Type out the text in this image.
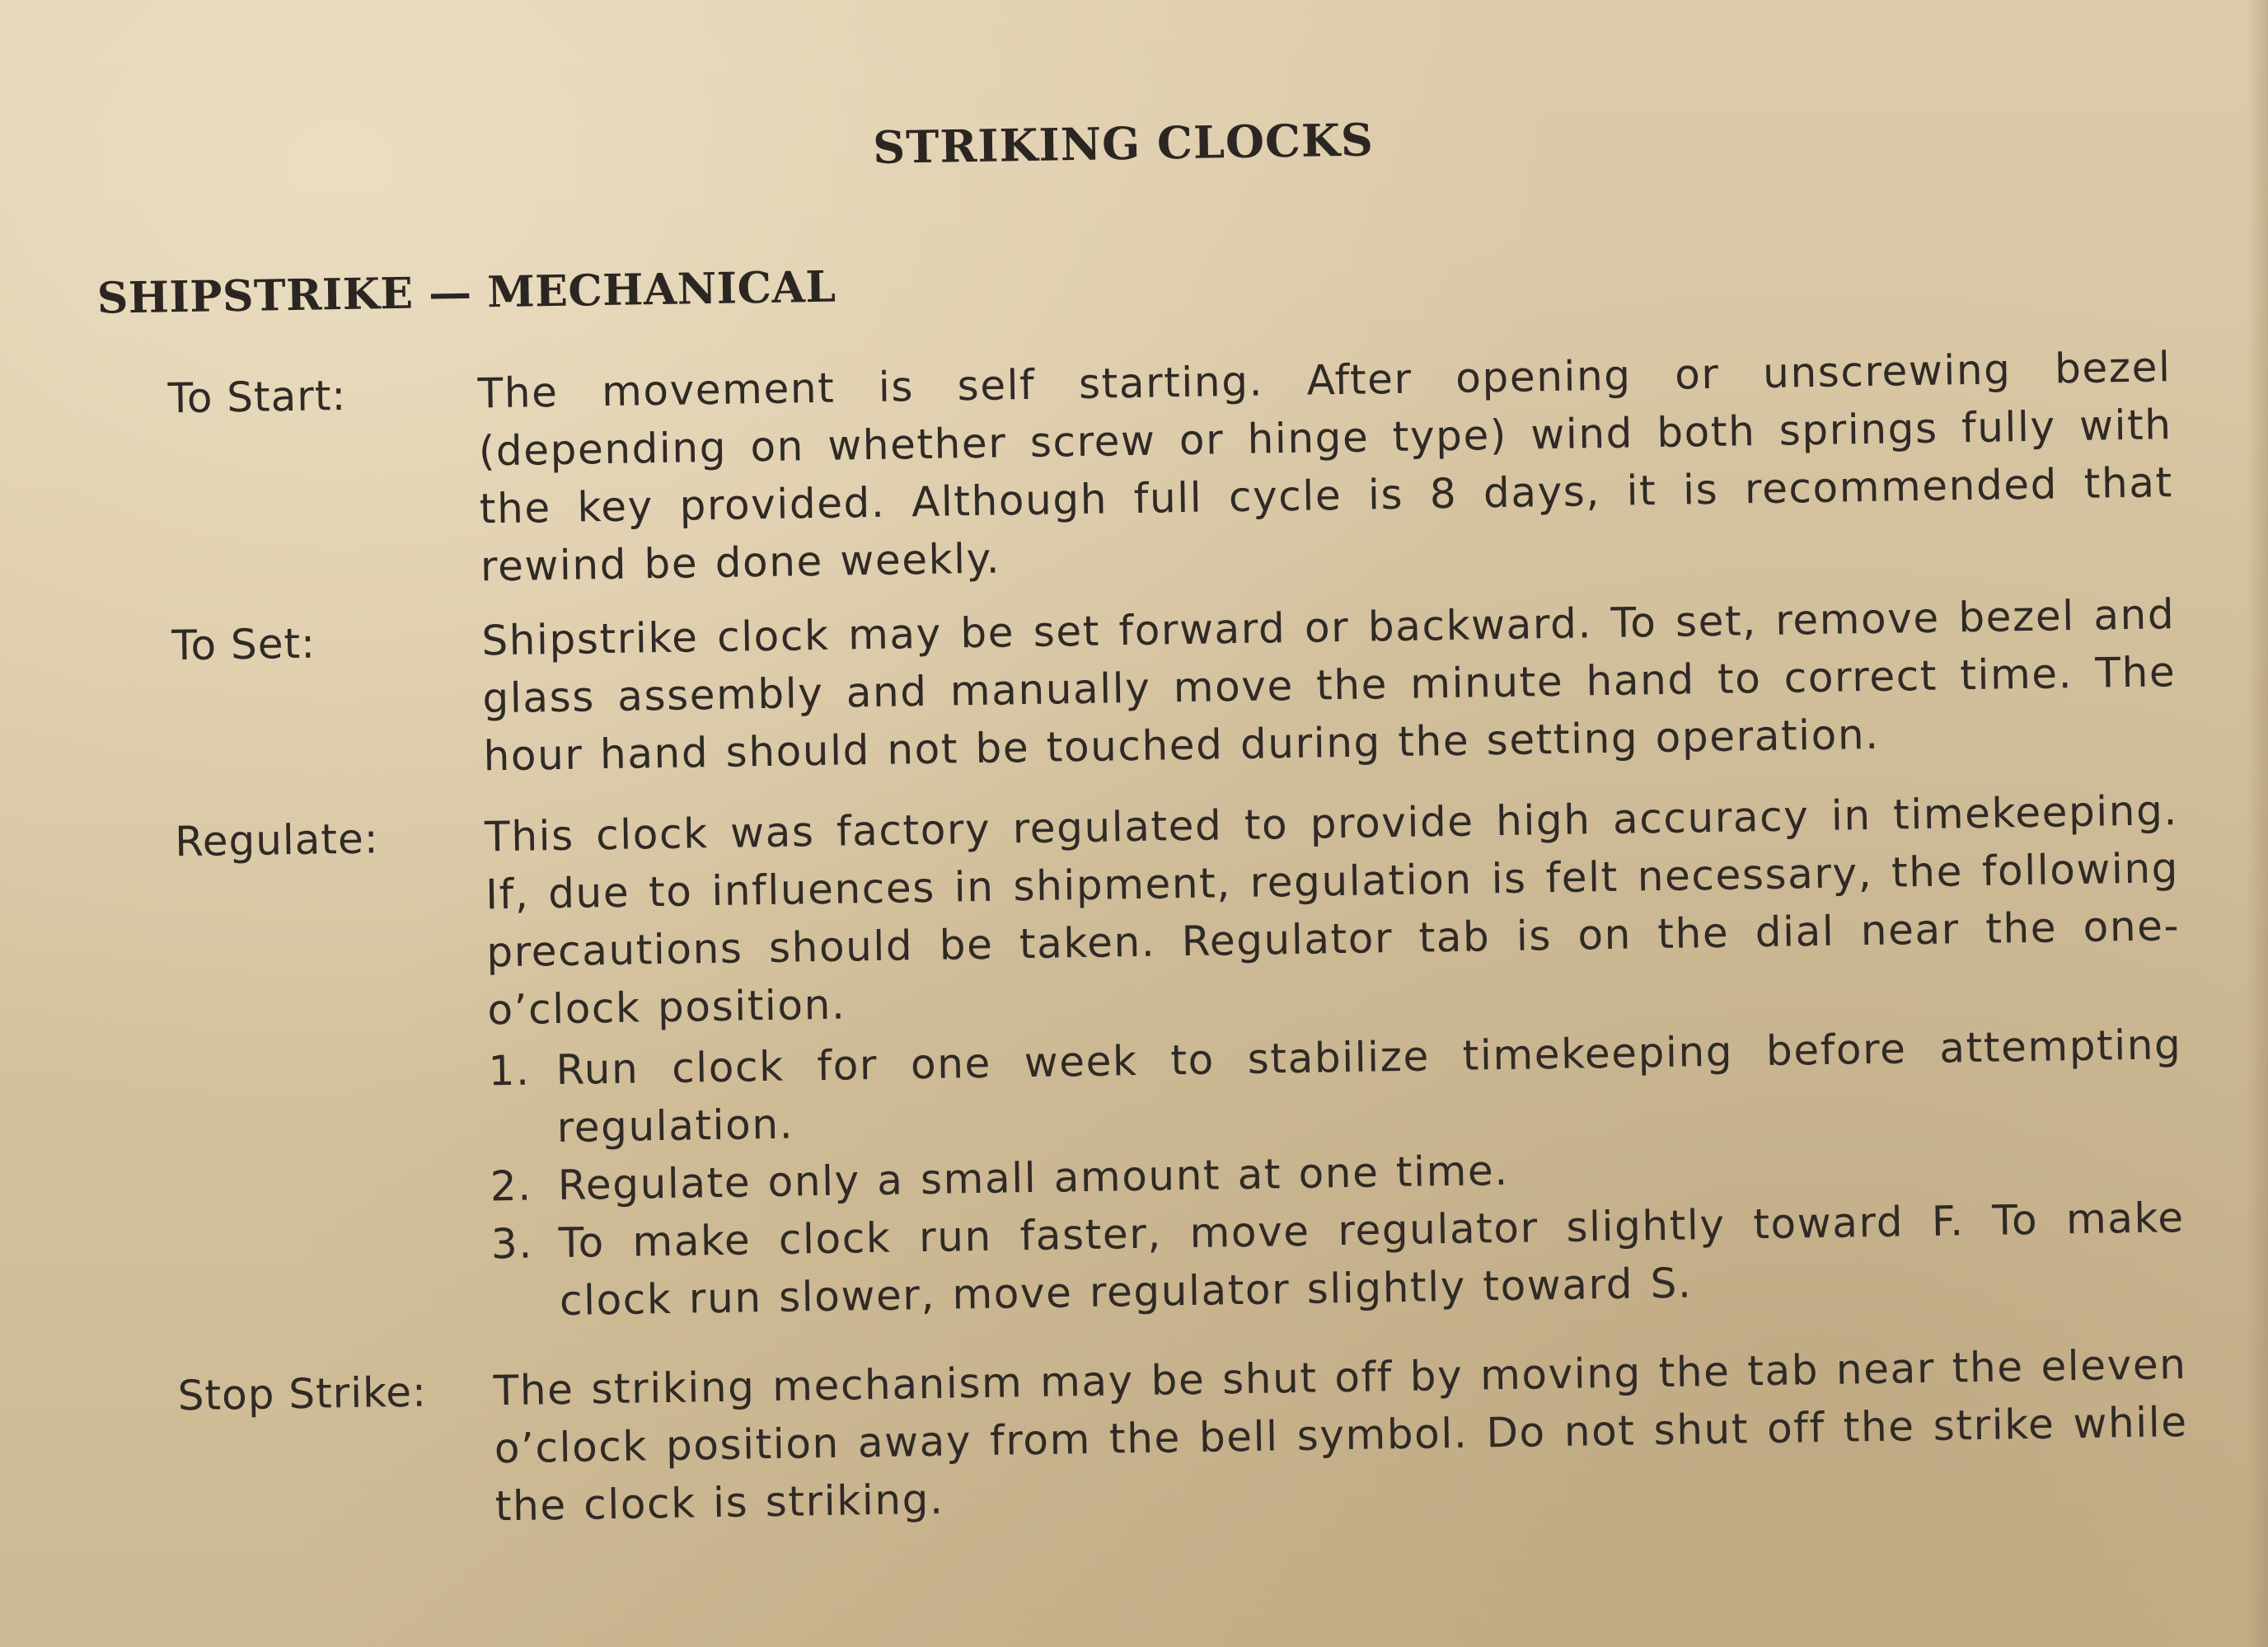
STRIKING CLOCKS
SHIPSTRIKE — MECHANICAL
To Start:	The movement is self starting. After opening or unscrewing bezel (depending on whether screw or hinge type) wind both springs fully with the key provided. Although full cycle is 8 days, it is recommended that rewind be done weekly.
To Set:	Shipstrike clock may be set forward or backward. To set, remove bezel and glass assembly and manually move the minute hand to correct time. The hour hand should not be touched during the setting operation.
Regulate:	This clock was factory regulated to provide high accuracy in timekeeping. If, due to influences in shipment, regulation is felt necessary, the following precautions should be taken. Regulator tab is on the dial near the one-o’clock position.
1. Run clock for one week to stabilize timekeeping before attempting regulation.
2. Regulate only a small amount at one time.
3. To make clock run faster, move regulator slightly toward F. To make clock run slower, move regulator slightly toward S.
Stop Strike: The striking mechanism may be shut off by moving the tab near the eleven o’clock position away from the bell symbol. Do not shut off the strike while the clock is striking.
